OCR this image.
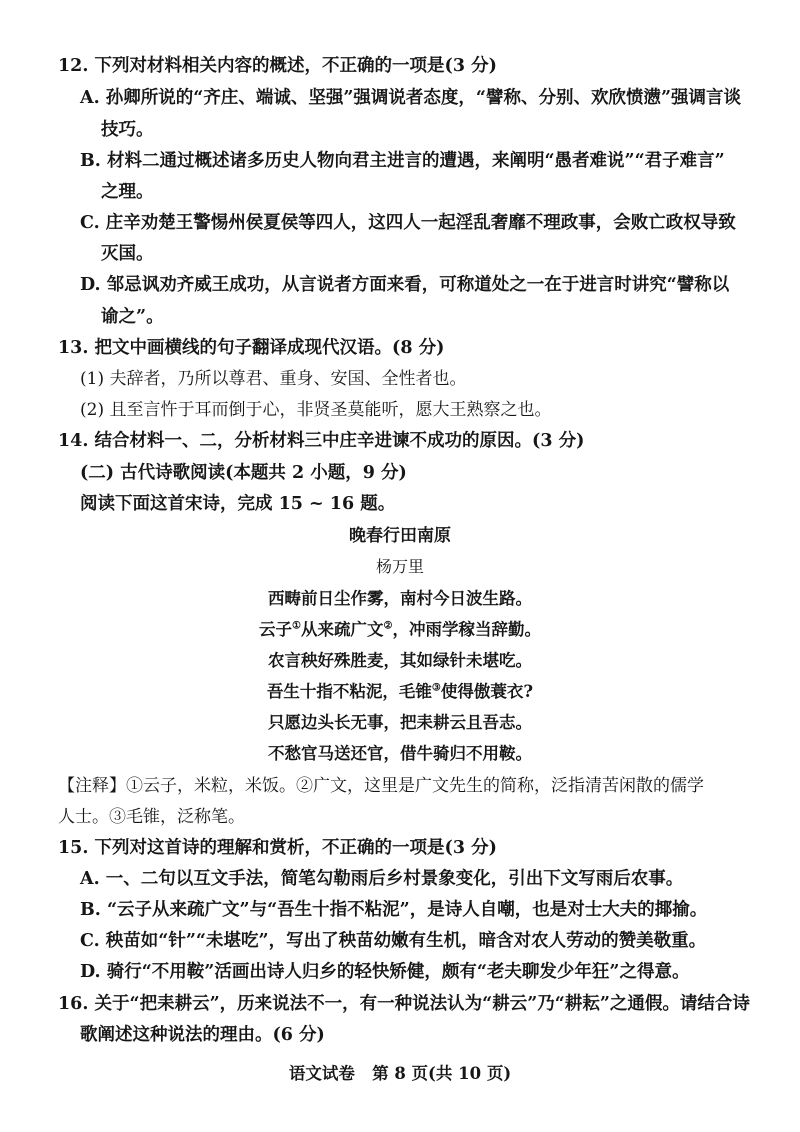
12. 下列对材料相关内容的概述，不正确的一项是(3 分)
A. 孙卿所说的“齐庄、端诚、坚强”强调说者态度，“譬称、分别、欢欣愤懑”强调言谈
技巧。
B. 材料二通过概述诸多历史人物向君主进言的遭遇，来阐明“愚者难说”“君子难言”
之理。
C. 庄辛劝楚王警惕州侯夏侯等四人，这四人一起淫乱奢靡不理政事，会败亡政权导致
灭国。
D. 邹忌讽劝齐威王成功，从言说者方面来看，可称道处之一在于进言时讲究“譬称以
谕之”。
13. 把文中画横线的句子翻译成现代汉语。(8 分)
(1) 夫辞者，乃所以尊君、重身、安国、全性者也。
(2) 且至言忤于耳而倒于心，非贤圣莫能听，愿大王熟察之也。
14. 结合材料一、二，分析材料三中庄辛进谏不成功的原因。(3 分)
(二) 古代诗歌阅读(本题共 2 小题，9 分)
阅读下面这首宋诗，完成 15 ~ 16 题。
晚春行田南原
杨万里
西畴前日尘作雾，南村今日波生路。
云子①从来疏广文②，冲雨学稼当辞勤。
农言秧好殊胜麦，其如绿针未堪吃。
吾生十指不粘泥，毛锥③使得傲蓑衣?
只愿边头长无事，把耒耕云且吾志。
不愁官马送还官，借牛骑归不用鞍。
【注释】①云子，米粒，米饭。②广文，这里是广文先生的简称，泛指清苦闲散的儒学
人士。③毛锥，泛称笔。
15. 下列对这首诗的理解和赏析，不正确的一项是(3 分)
A. 一、二句以互文手法，简笔勾勒雨后乡村景象变化，引出下文写雨后农事。
B. “云子从来疏广文”与“吾生十指不粘泥”，是诗人自嘲，也是对士大夫的揶揄。
C. 秧苗如“针”“未堪吃”，写出了秧苗幼嫩有生机，暗含对农人劳动的赞美敬重。
D. 骑行“不用鞍”活画出诗人归乡的轻快矫健，颇有“老夫聊发少年狂”之得意。
16. 关于“把耒耕云”，历来说法不一，有一种说法认为“耕云”乃“耕耘”之通假。请结合诗
歌阐述这种说法的理由。(6 分)
语文试卷   第 8 页(共 10 页)
